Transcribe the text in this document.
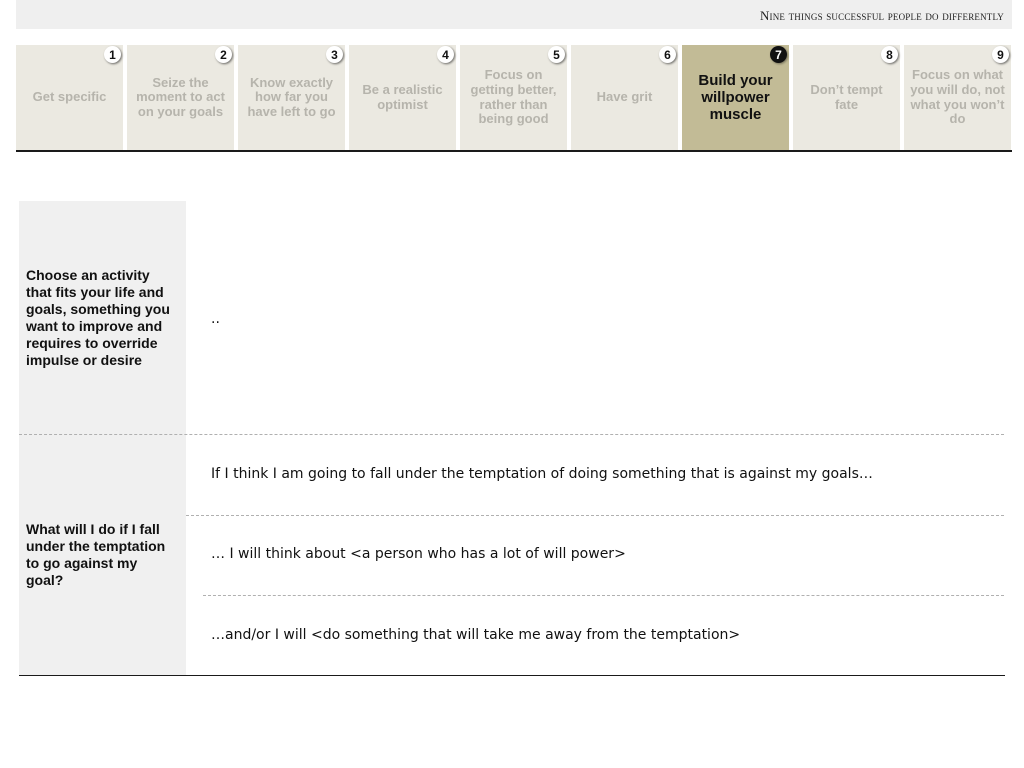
Nine things successful people do differently
1
Get specific
2
Seize the moment to act on your goals
3
Know exactly how far you have left to go
4
Be a realistic optimist
5
Focus on getting better, rather than being good
6
Have grit
7
Build your willpower muscle
8
Don’t tempt fate
9
Focus on what you will do, not what you won’t do
Choose an activity that fits your life and goals, something you want to improve and requires to override impulse or desire
..
What will I do if I fall under the temptation to go against my goal?
If I think I am going to fall under the temptation of doing something that is against my goals…
… I will think about <a person who has a lot of will power>
…and/or I will <do something that will take me away from the temptation>
